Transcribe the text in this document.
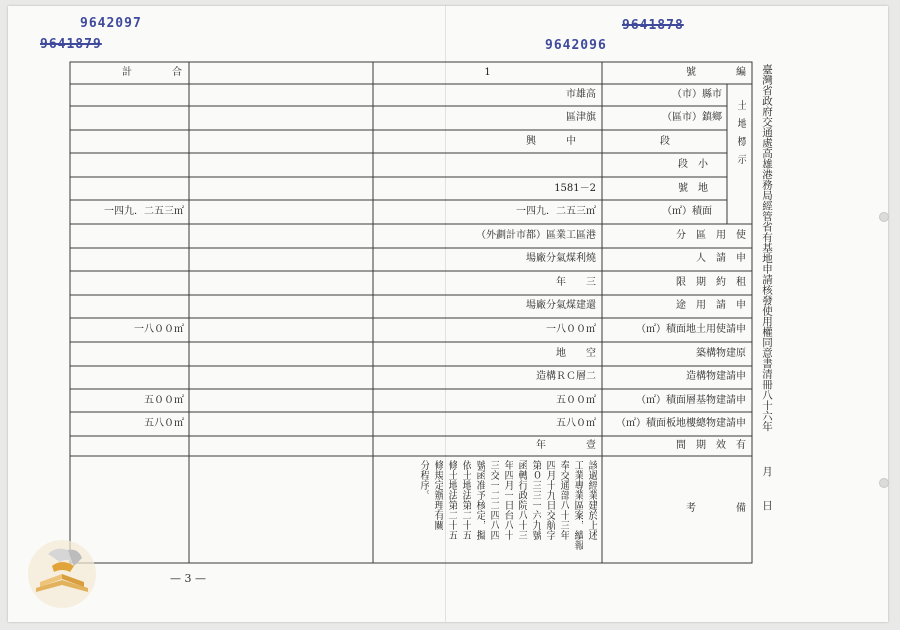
9642097
9641879	9642096
9641878
臺灣省政府交通處高雄港務局經管省有基地申請核發使用權同意書清冊八十六年
月
日
號　　　　編
土地標示
（市）縣市
（區市）鎮鄉
段
段　小
號　地
（㎡）積面
分　區　用　使
人　請　申
限　期　約　租
途　用　請　申
（㎡）積面地土用使請申
築構物建原
造構物建請申
（㎡）積面層基物建請申
（㎡）積面板地樓總物建請申
間　期　效　有
考　　　　備
1
市雄高
區津旗
興　　　中
1581－2
一四九．二五三㎡
（外劃計市都）區業工區港
場廠分氣煤利燒
年　　三
場廠分氣煤建還
一八００㎡
地　　空
造構ＲＣ層二
五００㎡
五八０㎡
年　　　　壹
該過經業建於上述
工業專業區案，續報
奉交通部八十三年
四月十九日交航字
第０三三一六九號
函轉行政院八十三
年四月一日台八十
三交一二二四八四
號函准予核定，擬
依土地法第二十五
條土地法第二十五
條規定辦理有關
分程序。
計　　　　合
一四九．二五三㎡
一八００㎡
五００㎡
五八０㎡
— 3 —
